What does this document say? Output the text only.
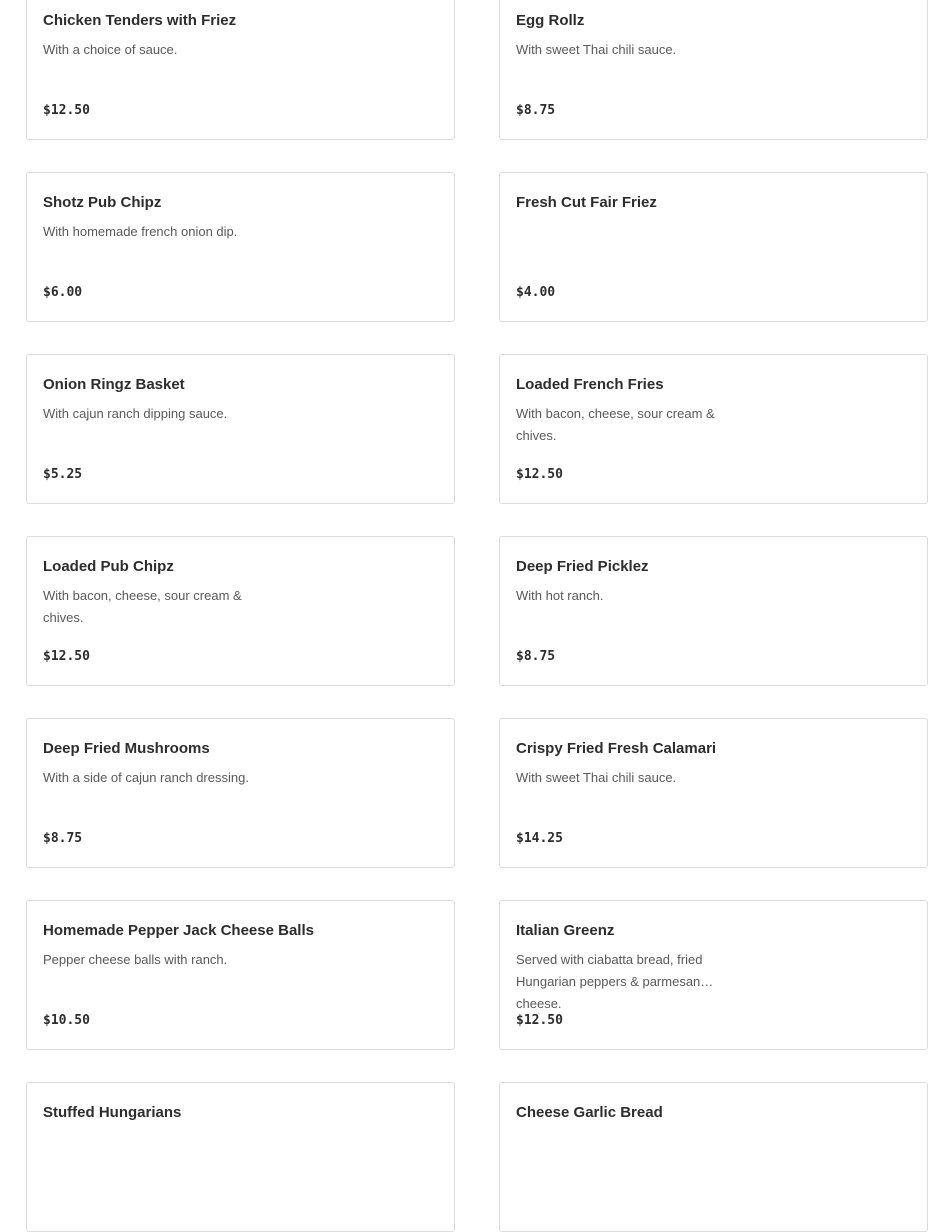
Chicken Tenders with Friez
With a choice of sauce.
$12.50
Egg Rollz
With sweet Thai chili sauce.
$8.75
Shotz Pub Chipz
With homemade french onion dip.
$6.00
Fresh Cut Fair Friez
$4.00
Onion Ringz Basket
With cajun ranch dipping sauce.
$5.25
Loaded French Fries
With bacon, cheese, sour cream & chives.
$12.50
Loaded Pub Chipz
With bacon, cheese, sour cream & chives.
$12.50
Deep Fried Picklez
With hot ranch.
$8.75
Deep Fried Mushrooms
With a side of cajun ranch dressing.
$8.75
Crispy Fried Fresh Calamari
With sweet Thai chili sauce.
$14.25
Homemade Pepper Jack Cheese Balls
Pepper cheese balls with ranch.
$10.50
Italian Greenz
Served with ciabatta bread, fried Hungarian peppers & parmesan cheese.
$12.50
Stuffed Hungarians	Cheese Garlic Bread
